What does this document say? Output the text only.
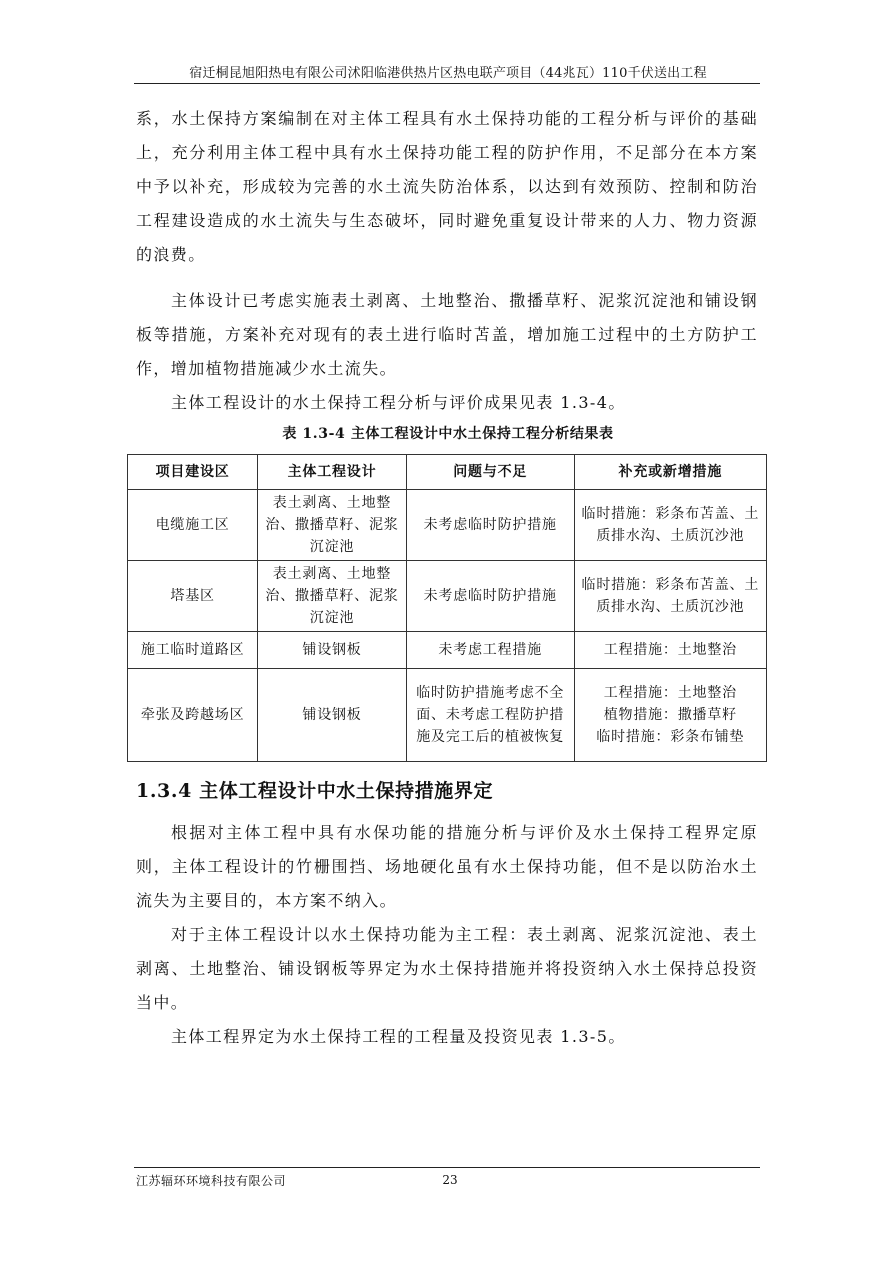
宿迁桐昆旭阳热电有限公司沭阳临港供热片区热电联产项目（44兆瓦）110千伏送出工程
系，水土保持方案编制在对主体工程具有水土保持功能的工程分析与评价的基础上，充分利用主体工程中具有水土保持功能工程的防护作用，不足部分在本方案中予以补充，形成较为完善的水土流失防治体系，以达到有效预防、控制和防治工程建设造成的水土流失与生态破坏，同时避免重复设计带来的人力、物力资源的浪费。
主体设计已考虑实施表土剥离、土地整治、撒播草籽、泥浆沉淀池和铺设钢板等措施，方案补充对现有的表土进行临时苫盖，增加施工过程中的土方防护工作，增加植物措施减少水土流失。
主体工程设计的水土保持工程分析与评价成果见表 1.3-4。
表 1.3-4 主体工程设计中水土保持工程分析结果表
项目建设区	主体工程设计	问题与不足	补充或新增措施
电缆施工区	表土剥离、土地整治、撒播草籽、泥浆沉淀池	未考虑临时防护措施	临时措施：彩条布苫盖、土质排水沟、土质沉沙池
塔基区	表土剥离、土地整治、撒播草籽、泥浆沉淀池	未考虑临时防护措施	临时措施：彩条布苫盖、土质排水沟、土质沉沙池
施工临时道路区	铺设钢板	未考虑工程措施	工程措施：土地整治
牵张及跨越场区	铺设钢板	临时防护措施考虑不全面、未考虑工程防护措施及完工后的植被恢复	工程措施：土地整治
植物措施：撒播草籽
临时措施：彩条布铺垫
1.3.4 主体工程设计中水土保持措施界定
根据对主体工程中具有水保功能的措施分析与评价及水土保持工程界定原则，主体工程设计的竹栅围挡、场地硬化虽有水土保持功能，但不是以防治水土流失为主要目的，本方案不纳入。
对于主体工程设计以水土保持功能为主工程：表土剥离、泥浆沉淀池、表土剥离、土地整治、铺设钢板等界定为水土保持措施并将投资纳入水土保持总投资当中。
主体工程界定为水土保持工程的工程量及投资见表 1.3-5。
江苏辐环环境科技有限公司	23
